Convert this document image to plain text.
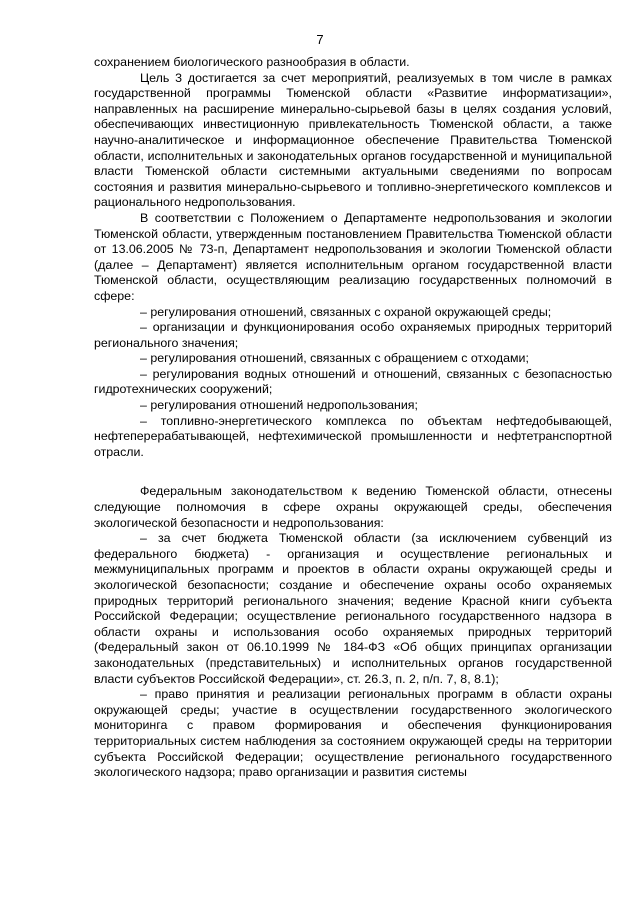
7

сохранением биологического разнообразия в области.

Цель 3 достигается за счет мероприятий, реализуемых в том числе в рамках государственной программы Тюменской области «Развитие информатизации», направленных на расширение минерально-сырьевой базы в целях создания условий, обеспечивающих инвестиционную привлекательность Тюменской области, а также научно-аналитическое и информационное обеспечение Правительства Тюменской области, исполнительных и законодательных органов государственной и муниципальной власти Тюменской области системными актуальными сведениями по вопросам состояния и развития минерально-сырьевого и топливно-энергетического комплексов и рационального недропользования.

В соответствии с Положением о Департаменте недропользования и экологии Тюменской области, утвержденным постановлением Правительства Тюменской области от 13.06.2005 № 73-п, Департамент недропользования и экологии Тюменской области (далее – Департамент) является исполнительным органом государственной власти Тюменской области, осуществляющим реализацию государственных полномочий в сфере:

– регулирования отношений, связанных с охраной окружающей среды;

– организации и функционирования особо охраняемых природных территорий регионального значения;

– регулирования отношений, связанных с обращением с отходами;

– регулирования водных отношений и отношений, связанных с безопасностью гидротехнических сооружений;

– регулирования отношений недропользования;

– топливно-энергетического комплекса по объектам нефтедобывающей, нефтеперерабатывающей, нефтехимической промышленности и нефтетранспортной отрасли.

Федеральным законодательством к ведению Тюменской области, отнесены следующие полномочия в сфере охраны окружающей среды, обеспечения экологической безопасности и недропользования:

– за счет бюджета Тюменской области (за исключением субвенций из федерального бюджета) - организация и осуществление региональных и межмуниципальных программ и проектов в области охраны окружающей среды и экологической безопасности; создание и обеспечение охраны особо охраняемых природных территорий регионального значения; ведение Красной книги субъекта Российской Федерации; осуществление регионального государственного надзора в области охраны и использования особо охраняемых природных территорий (Федеральный закон от 06.10.1999 № 184-ФЗ «Об общих принципах организации законодательных (представительных) и исполнительных органов государственной власти субъектов Российской Федерации», ст. 26.3, п. 2, п/п. 7, 8, 8.1);

– право принятия и реализации региональных программ в области охраны окружающей среды; участие в осуществлении государственного экологического мониторинга с правом формирования и обеспечения функционирования территориальных систем наблюдения за состоянием окружающей среды на территории субъекта Российской Федерации; осуществление регионального государственного экологического надзора; право организации и развития системы
